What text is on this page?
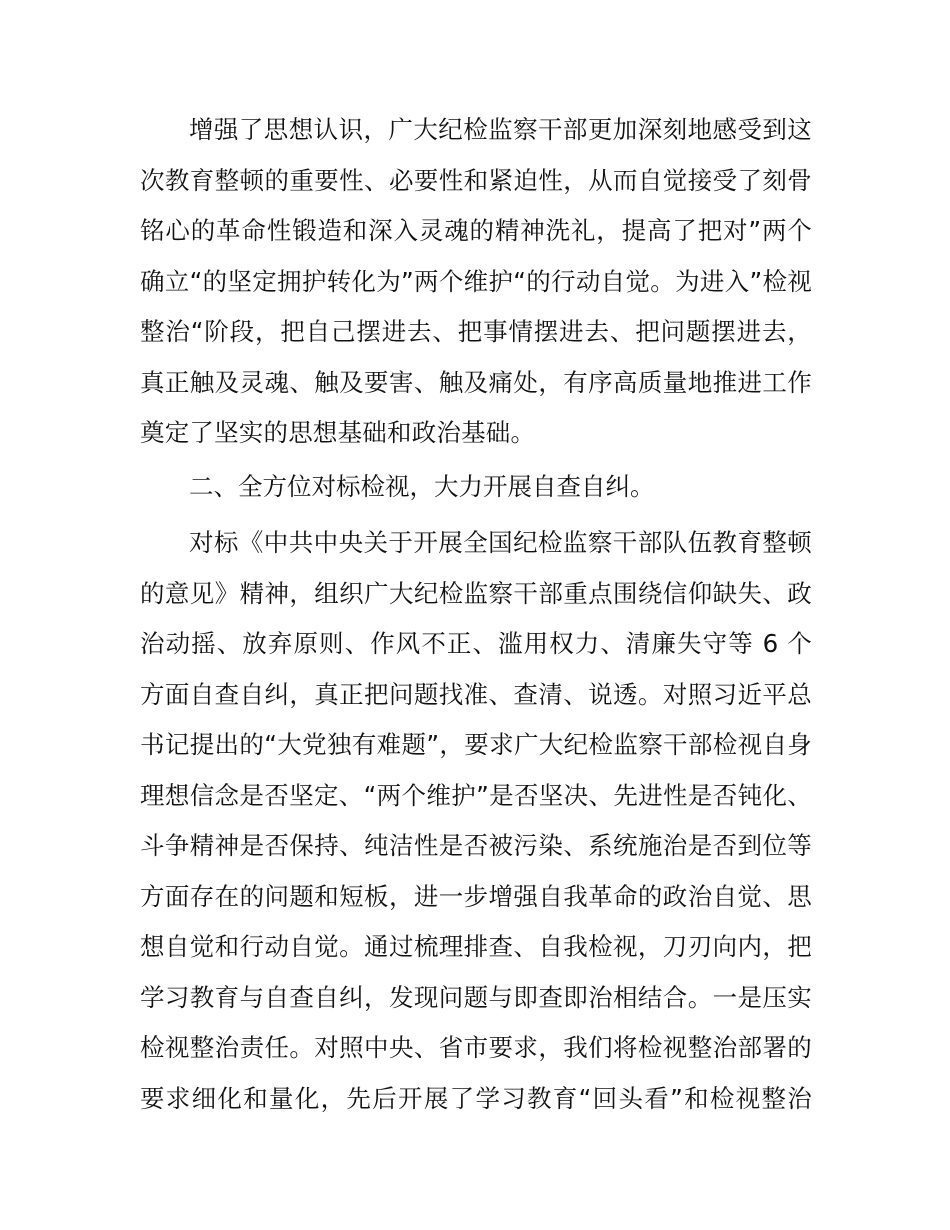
增强了思想认识，广大纪检监察干部更加深刻地感受到这
次教育整顿的重要性、必要性和紧迫性，从而自觉接受了刻骨
铭心的革命性锻造和深入灵魂的精神洗礼，提高了把对”两个
确立“的坚定拥护转化为”两个维护“的行动自觉。为进入”检视
整治“阶段，把自己摆进去、把事情摆进去、把问题摆进去，
真正触及灵魂、触及要害、触及痛处，有序高质量地推进工作
奠定了坚实的思想基础和政治基础。
二、全方位对标检视，大力开展自查自纠。
对标《中共中央关于开展全国纪检监察干部队伍教育整顿
的意见》精神，组织广大纪检监察干部重点围绕信仰缺失、政
治动摇、放弃原则、作风不正、滥用权力、清廉失守等 6 个
方面自查自纠，真正把问题找准、查清、说透。对照习近平总
书记提出的“大党独有难题”，要求广大纪检监察干部检视自身
理想信念是否坚定、“两个维护”是否坚决、先进性是否钝化、
斗争精神是否保持、纯洁性是否被污染、系统施治是否到位等
方面存在的问题和短板，进一步增强自我革命的政治自觉、思
想自觉和行动自觉。通过梳理排查、自我检视，刀刃向内，把
学习教育与自查自纠，发现问题与即查即治相结合。一是压实
检视整治责任。对照中央、省市要求，我们将检视整治部署的
要求细化和量化，先后开展了学习教育“回头看”和检视整治
